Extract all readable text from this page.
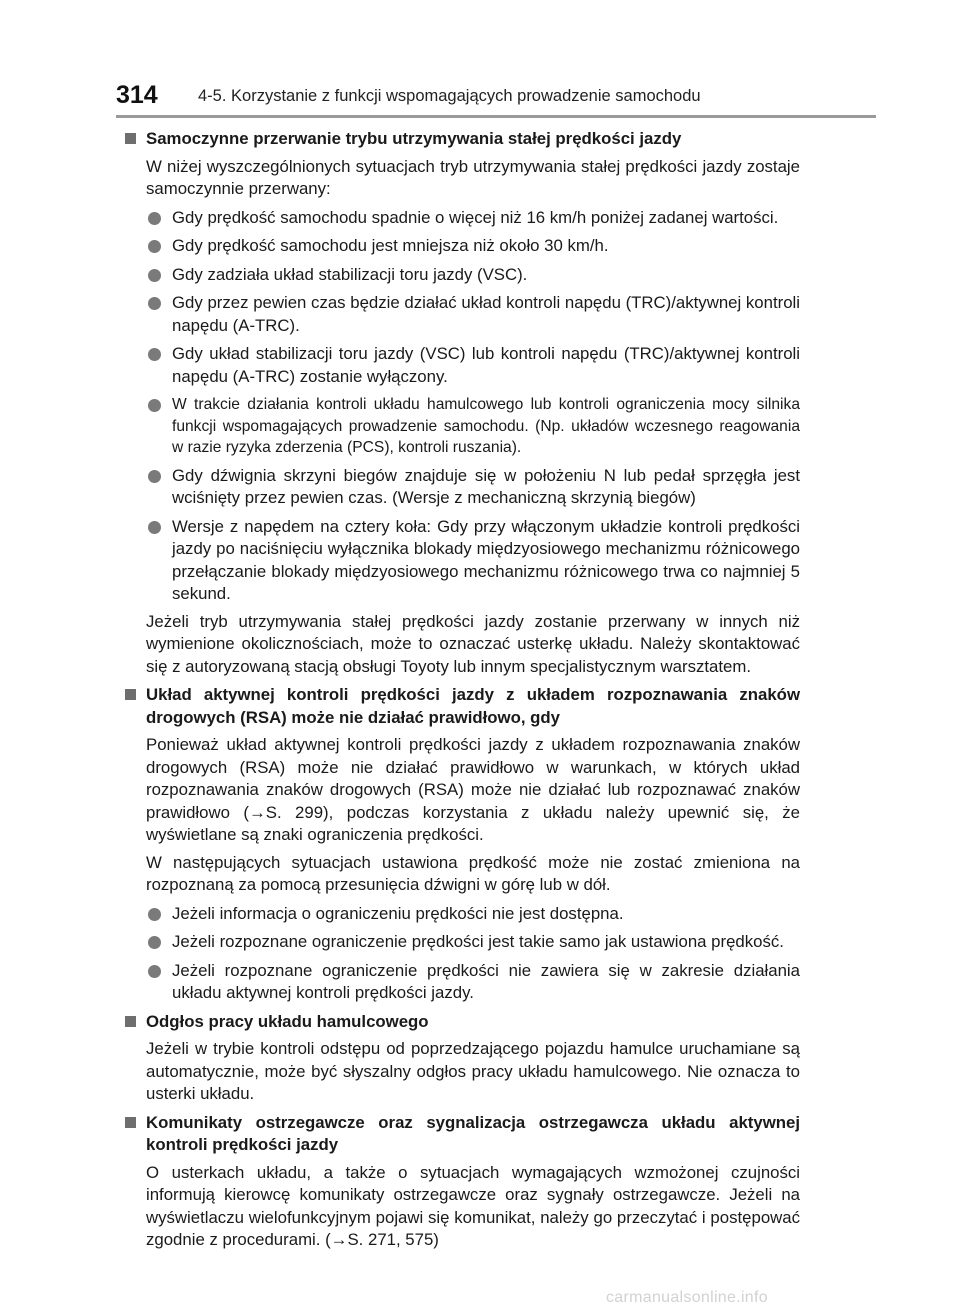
314 4-5. Korzystanie z funkcji wspomagających prowadzenie samochodu
Samoczynne przerwanie trybu utrzymywania stałej prędkości jazdy
W niżej wyszczególnionych sytuacjach tryb utrzymywania stałej prędkości jazdy zostaje samoczynnie przerwany:
Gdy prędkość samochodu spadnie o więcej niż 16 km/h poniżej zadanej wartości.
Gdy prędkość samochodu jest mniejsza niż około 30 km/h.
Gdy zadziała układ stabilizacji toru jazdy (VSC).
Gdy przez pewien czas będzie działać układ kontroli napędu (TRC)/aktywnej kontroli napędu (A-TRC).
Gdy układ stabilizacji toru jazdy (VSC) lub kontroli napędu (TRC)/aktywnej kontroli napędu (A-TRC) zostanie wyłączony.
W trakcie działania kontroli układu hamulcowego lub kontroli ograniczenia mocy silnika funkcji wspomagających prowadzenie samochodu. (Np. układów wczesnego reagowania w razie ryzyka zderzenia (PCS), kontroli ruszania).
Gdy dźwignia skrzyni biegów znajduje się w położeniu N lub pedał sprzęgła jest wciśnięty przez pewien czas. (Wersje z mechaniczną skrzynią biegów)
Wersje z napędem na cztery koła: Gdy przy włączonym układzie kontroli prędkości jazdy po naciśnięciu wyłącznika blokady międzyosiowego mechanizmu różnicowego przełączanie blokady międzyosiowego mechanizmu różnicowego trwa co najmniej 5 sekund.
Jeżeli tryb utrzymywania stałej prędkości jazdy zostanie przerwany w innych niż wymienione okolicznościach, może to oznaczać usterkę układu. Należy skontaktować się z autoryzowaną stacją obsługi Toyoty lub innym specjalistycznym warsztatem.
Układ aktywnej kontroli prędkości jazdy z układem rozpoznawania znaków drogowych (RSA) może nie działać prawidłowo, gdy
Ponieważ układ aktywnej kontroli prędkości jazdy z układem rozpoznawania znaków drogowych (RSA) może nie działać prawidłowo w warunkach, w których układ rozpoznawania znaków drogowych (RSA) może nie działać lub rozpoznawać znaków prawidłowo (→S. 299), podczas korzystania z układu należy upewnić się, że wyświetlane są znaki ograniczenia prędkości.
W następujących sytuacjach ustawiona prędkość może nie zostać zmieniona na rozpoznaną za pomocą przesunięcia dźwigni w górę lub w dół.
Jeżeli informacja o ograniczeniu prędkości nie jest dostępna.
Jeżeli rozpoznane ograniczenie prędkości jest takie samo jak ustawiona prędkość.
Jeżeli rozpoznane ograniczenie prędkości nie zawiera się w zakresie działania układu aktywnej kontroli prędkości jazdy.
Odgłos pracy układu hamulcowego
Jeżeli w trybie kontroli odstępu od poprzedzającego pojazdu hamulce uruchamiane są automatycznie, może być słyszalny odgłos pracy układu hamulcowego. Nie oznacza to usterki układu.
Komunikaty ostrzegawcze oraz sygnalizacja ostrzegawcza układu aktywnej kontroli prędkości jazdy
O usterkach układu, a także o sytuacjach wymagających wzmożonej czujności informują kierowcę komunikaty ostrzegawcze oraz sygnały ostrzegawcze. Jeżeli na wyświetlaczu wielofunkcyjnym pojawi się komunikat, należy go przeczytać i postępować zgodnie z procedurami. (→S. 271, 575)
carmanualsonline.info
